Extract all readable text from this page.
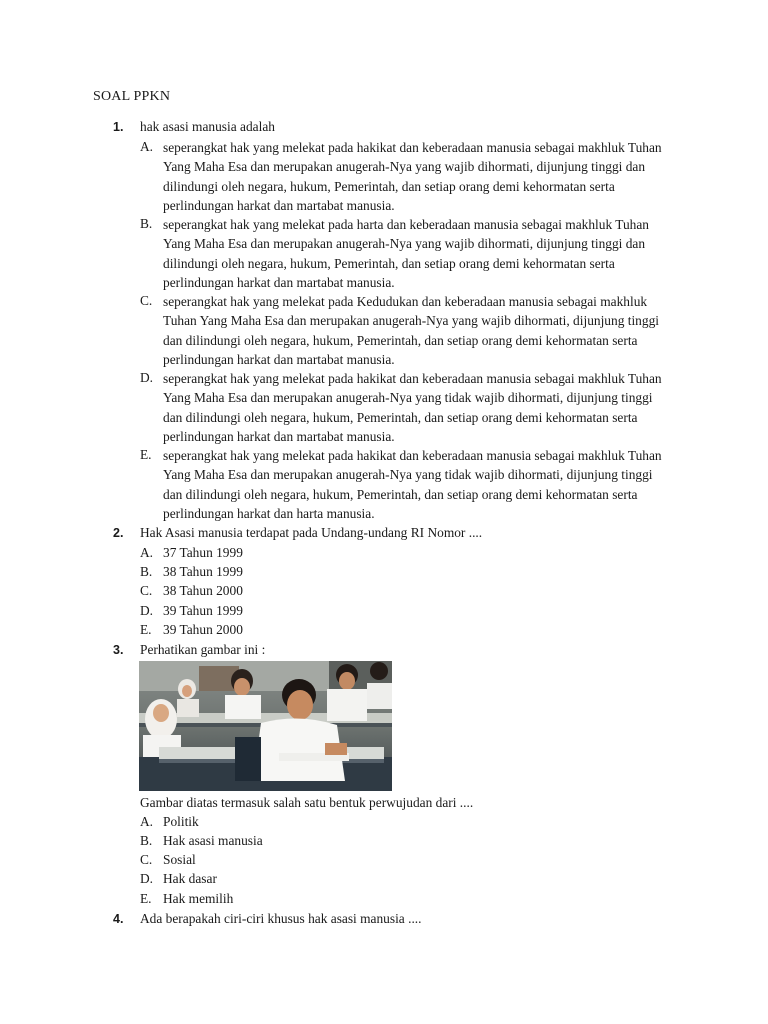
SOAL PPKN
1. hak asasi manusia adalah
A. seperangkat hak yang melekat pada hakikat dan keberadaan manusia sebagai makhluk Tuhan Yang Maha Esa dan merupakan anugerah-Nya yang wajib dihormati, dijunjung tinggi dan dilindungi oleh negara, hukum, Pemerintah, dan setiap orang demi kehormatan serta perlindungan harkat dan martabat manusia.
B. seperangkat hak yang melekat pada harta dan keberadaan manusia sebagai makhluk Tuhan Yang Maha Esa dan merupakan anugerah-Nya yang wajib dihormati, dijunjung tinggi dan dilindungi oleh negara, hukum, Pemerintah, dan setiap orang demi kehormatan serta perlindungan harkat dan martabat manusia.
C. seperangkat hak yang melekat pada Kedudukan dan keberadaan manusia sebagai makhluk Tuhan Yang Maha Esa dan merupakan anugerah-Nya yang wajib dihormati, dijunjung tinggi dan dilindungi oleh negara, hukum, Pemerintah, dan setiap orang demi kehormatan serta perlindungan harkat dan martabat manusia.
D. seperangkat hak yang melekat pada hakikat dan keberadaan manusia sebagai makhluk Tuhan Yang Maha Esa dan merupakan anugerah-Nya yang tidak wajib dihormati, dijunjung tinggi dan dilindungi oleh negara, hukum, Pemerintah, dan setiap orang demi kehormatan serta perlindungan harkat dan martabat manusia.
E. seperangkat hak yang melekat pada hakikat dan keberadaan manusia sebagai makhluk Tuhan Yang Maha Esa dan merupakan anugerah-Nya yang tidak wajib dihormati, dijunjung tinggi dan dilindungi oleh negara, hukum, Pemerintah, dan setiap orang demi kehormatan serta perlindungan harkat dan harta manusia.
2. Hak Asasi manusia terdapat pada Undang-undang RI Nomor ....
A. 37 Tahun 1999
B. 38 Tahun 1999
C. 38 Tahun 2000
D. 39 Tahun 1999
E. 39 Tahun 2000
3. Perhatikan gambar ini :
Gambar diatas termasuk salah satu bentuk perwujudan dari ....
A. Politik
B. Hak asasi manusia
C. Sosial
D. Hak dasar
E. Hak memilih
4. Ada berapakah ciri-ciri khusus hak asasi manusia ....
